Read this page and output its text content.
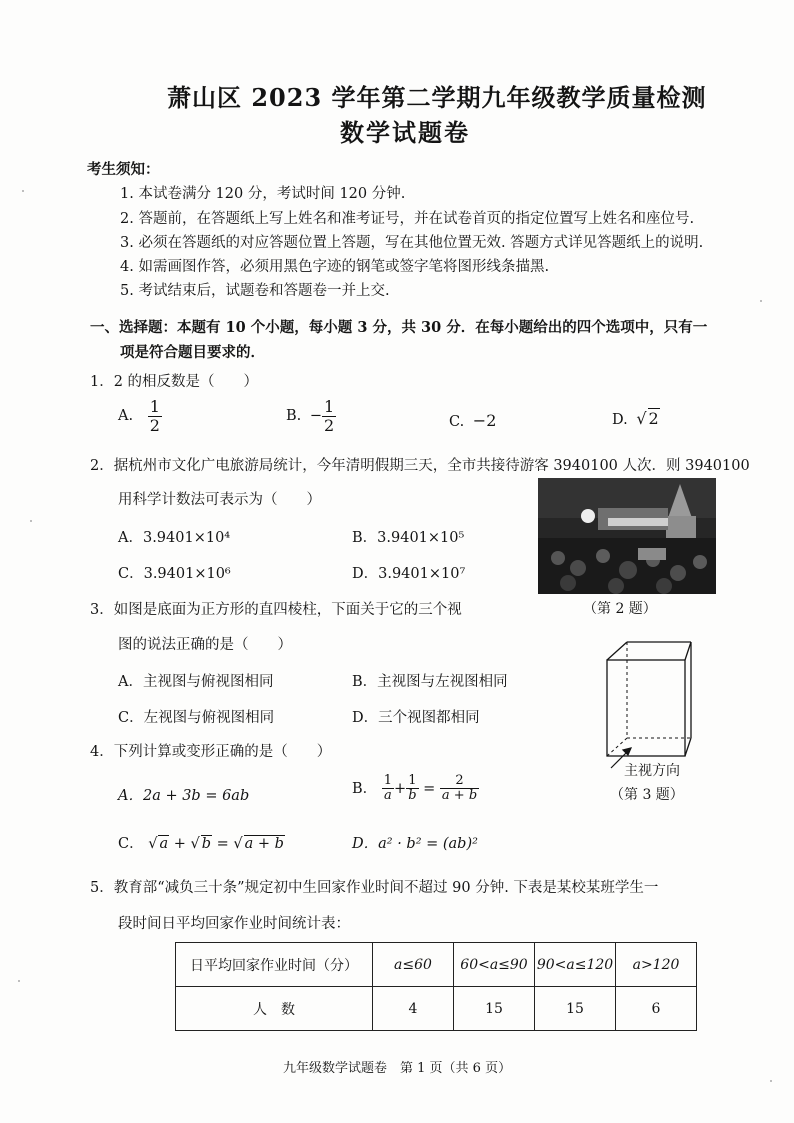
萧山区 2023 学年第二学期九年级教学质量检测
数学试题卷
考生须知：
1. 本试卷满分 120 分，考试时间 120 分钟.
2. 答题前，在答题纸上写上姓名和准考证号，并在试卷首页的指定位置写上姓名和座位号.
3. 必须在答题纸的对应答题位置上答题，写在其他位置无效. 答题方式详见答题纸上的说明.
4. 如需画图作答，必须用黑色字迹的钢笔或签字笔将图形线条描黑.
5. 考试结束后，试题卷和答题卷一并上交.
一、选择题：本题有 10 个小题，每小题 3 分，共 30 分．在每小题给出的四个选项中，只有一
项是符合题目要求的．
1．2 的相反数是（　　）
A. $\frac{1}{2}$	B. − $\frac{1}{2}$	C. −2	D. √ 2
2．据杭州市文化广电旅游局统计，今年清明假期三天，全市共接待游客 3940100 人次．则 3940100
用科学计数法可表示为（　　）
A．3.9401×10⁴	B．3.9401×10⁵
C．3.9401×10⁶	D．3.9401×10⁷
（第 2 题）
3．如图是底面为正方形的直四棱柱，下面关于它的三个视
图的说法正确的是（　　）
A．主视图与俯视图相同	B．主视图与左视图相同
C．左视图与俯视图相同	D．三个视图都相同
主视方向
（第 3 题）
4．下列计算或变形正确的是（　　）
A．2a + 3b = 6ab	B． $\frac{1}{a} + \frac{1}{b} = \frac{2}{a + b}$
C． √ a + √ b = √ a + b	D．a² · b² = (ab)²
5．教育部“减负三十条”规定初中生回家作业时间不超过 90 分钟. 下表是某校某班学生一
段时间日平均回家作业时间统计表：
日平均回家作业时间（分）	a≤60	60<a≤90	90<a≤120	a>120
人　数	4	15	15	6
九年级数学试题卷　第 1 页（共 6 页）
